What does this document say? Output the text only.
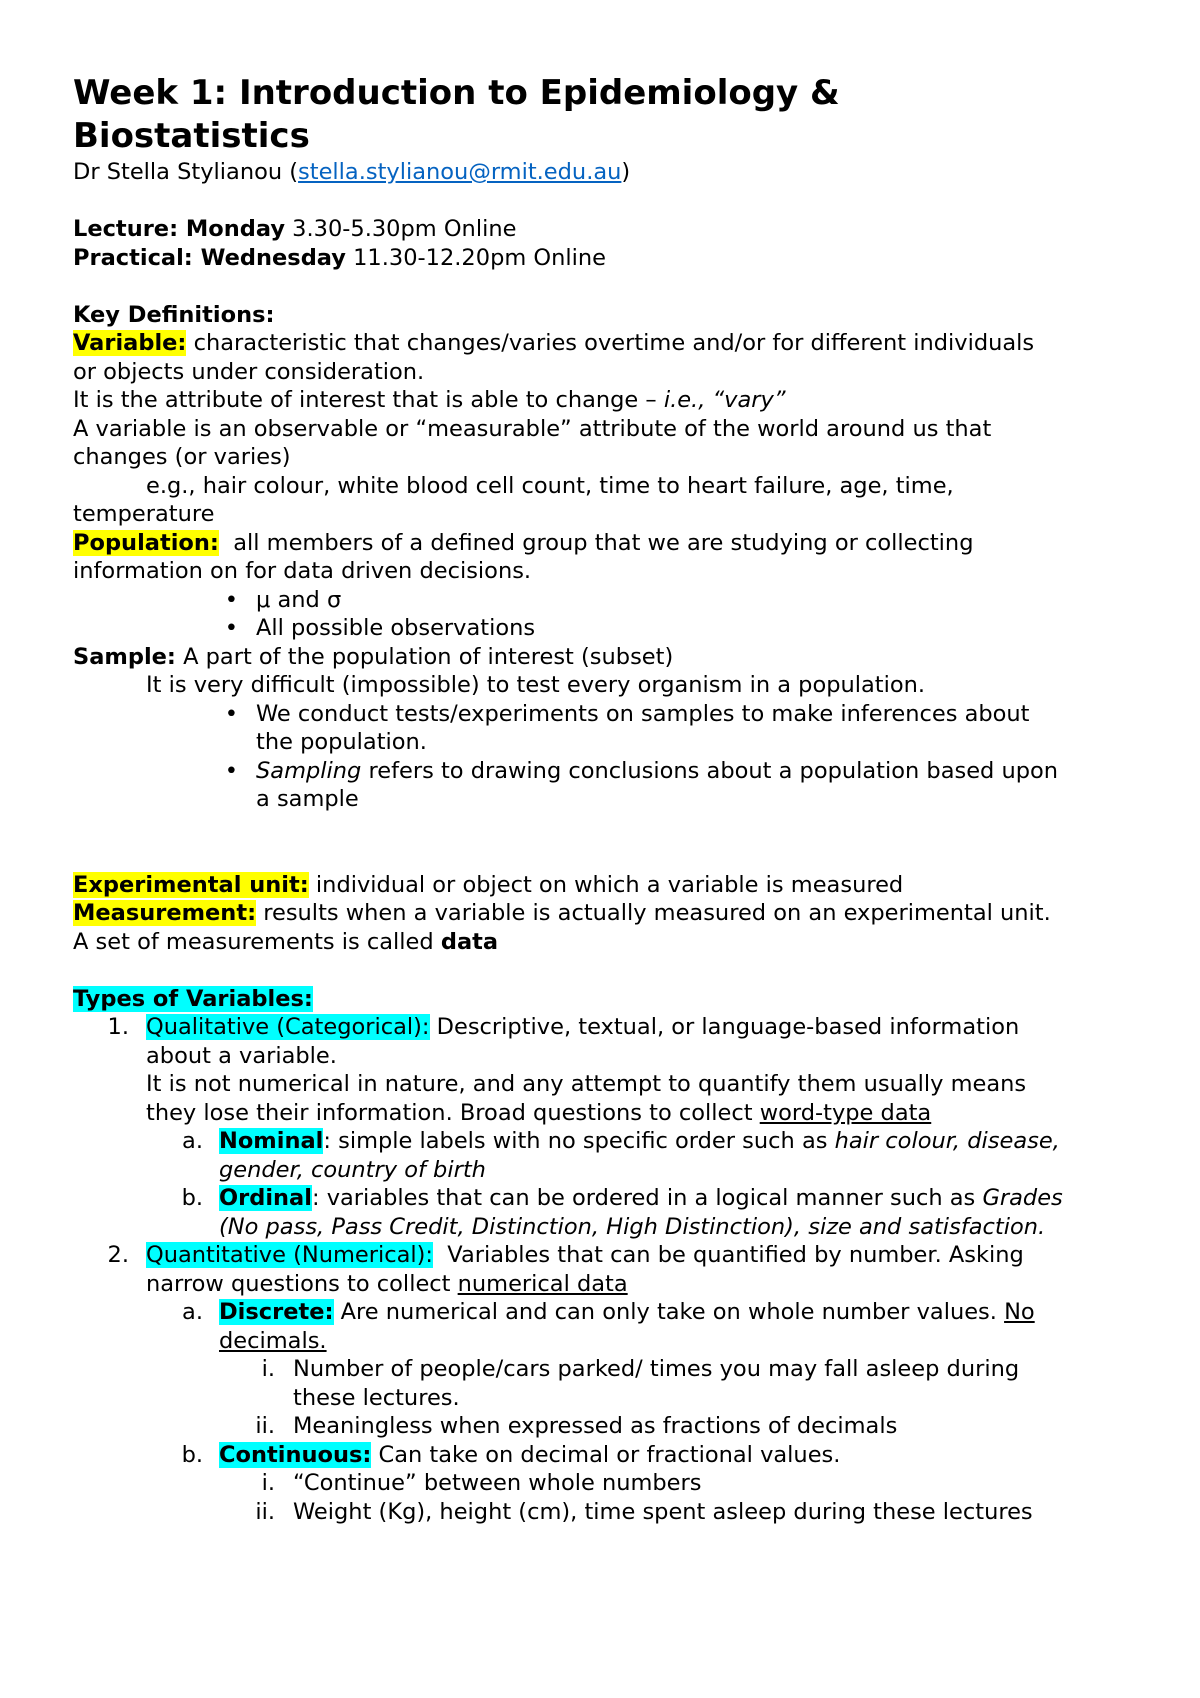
Week 1: Introduction to Epidemiology &
Biostatistics

Dr Stella Stylianou (stella.stylianou@rmit.edu.au)

Lecture: Monday 3.30-5.30pm Online

Practical: Wednesday 11.30-12.20pm Online

Key Definitions:

Variable: characteristic that changes/varies overtime and/or for different individuals

or objects under consideration.

It is the attribute of interest that is able to change – i.e., “vary”

A variable is an observable or “measurable” attribute of the world around us that

changes (or varies)

e.g., hair colour, white blood cell count, time to heart failure, age, time,

temperature

Population:  all members of a defined group that we are studying or collecting

information on for data driven decisions.

• μ and σ
• All possible observations

Sample: A part of the population of interest (subset)

It is very difficult (impossible) to test every organism in a population.

• We conduct tests/experiments on samples to make inferences about
the population.
• Sampling refers to drawing conclusions about a population based upon
a sample

Experimental unit: individual or object on which a variable is measured

Measurement: results when a variable is actually measured on an experimental unit.

A set of measurements is called data

Types of Variables:

1. Qualitative (Categorical): Descriptive, textual, or language-based information
about a variable.
It is not numerical in nature, and any attempt to quantify them usually means
they lose their information. Broad questions to collect word-type data
a. Nominal: simple labels with no specific order such as hair colour, disease,
gender, country of birth
b. Ordinal: variables that can be ordered in a logical manner such as Grades
(No pass, Pass Credit, Distinction, High Distinction), size and satisfaction.
2. Quantitative (Numerical):  Variables that can be quantified by number. Asking
narrow questions to collect numerical data
a. Discrete: Are numerical and can only take on whole number values. No
decimals.
i. Number of people/cars parked/ times you may fall asleep during
these lectures.
ii. Meaningless when expressed as fractions of decimals
b. Continuous: Can take on decimal or fractional values.
i. “Continue” between whole numbers
ii. Weight (Kg), height (cm), time spent asleep during these lectures
